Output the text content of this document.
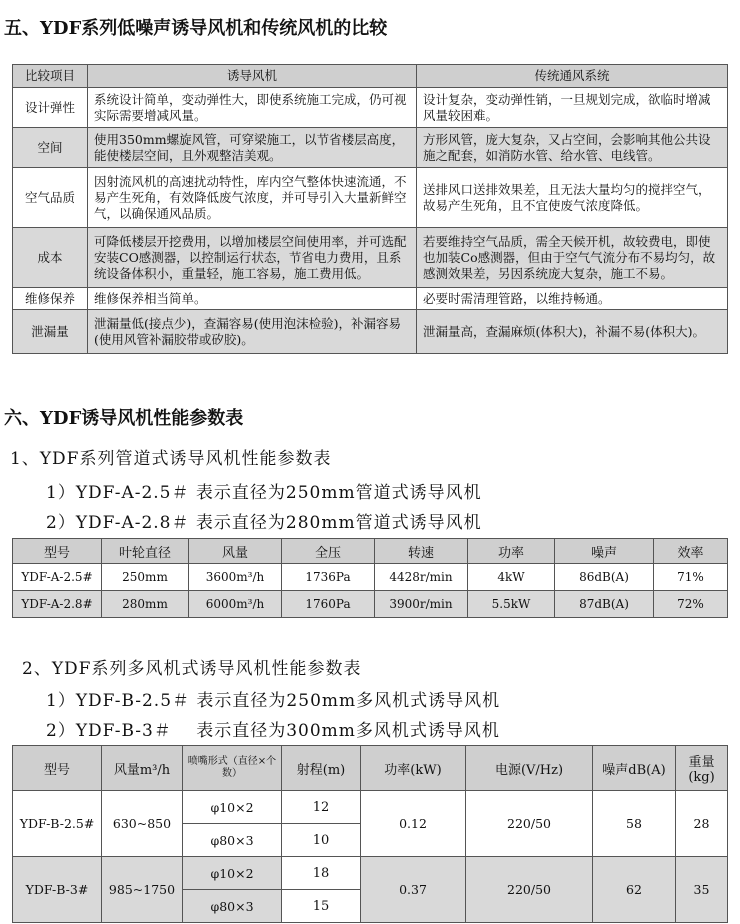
五、YDF系列低噪声诱导风机和传统风机的比较
比较项目	诱导风机	传统通风系统
设计弹性	系统设计简单，变动弹性大，即使系统施工完成，仍可视实际需要增减风量。	设计复杂，变动弹性销，一旦规划完成，欲临时增减风量较困难。
空间	使用350mm螺旋风管，可穿梁施工，以节省楼层高度，能使楼层空间，且外观整洁美观。	方形风管，庞大复杂，又占空间，会影响其他公共设施之配套，如消防水管、给水管、电线管。
空气品质	因射流风机的高速扰动特性，库内空气整体快速流通，不易产生死角，有效降低废气浓度，并可导引入大量新鲜空气，以确保通风品质。	送排风口送排效果差，且无法大量均匀的搅拌空气，故易产生死角，且不宜使废气浓度降低。
成本	可降低楼层开挖费用，以增加楼层空间使用率，并可选配安装CO感测器，以控制运行状态，节省电力费用，且系统设备体积小，重量轻，施工容易，施工费用低。	若要维持空气品质，需全天候开机，故较费电，即使也加装Co感测器，但由于空气气流分布不易均匀，故感测效果差，另因系统庞大复杂，施工不易。
维修保养	维修保养相当简单。	必要时需清理管路，以维持畅通。
泄漏量	泄漏量低(接点少)，查漏容易(使用泡沫检验)，补漏容易(使用风管补漏胶带或矽胶)。	泄漏量高，查漏麻烦(体积大)，补漏不易(体积大)。
六、YDF诱导风机性能参数表
1、YDF系列管道式诱导风机性能参数表
1）YDF-A-2.5＃ 表示直径为250mm管道式诱导风机
2）YDF-A-2.8＃ 表示直径为280mm管道式诱导风机
型号	叶轮直径	风量	全压	转速	功率	噪声	效率
YDF-A-2.5#	250mm	3600m³/h	1736Pa	4428r/min	4kW	86dB(A)	71%
YDF-A-2.8#	280mm	6000m³/h	1760Pa	3900r/min	5.5kW	87dB(A)	72%
2、YDF系列多风机式诱导风机性能参数表
1）YDF-B-2.5＃ 表示直径为250mm多风机式诱导风机
2）YDF-B-3＃　 表示直径为300mm多风机式诱导风机
型号	风量m³/h	喷嘴形式（直径×个数）	射程(m)	功率(kW)	电源(V/Hz)	噪声dB(A)	重量(kg)
YDF-B-2.5#	630~850	φ10×2	12	0.12	220/50	58	28
		φ80×3	10				
YDF-B-3#	985~1750	φ10×2	18	0.37	220/50	62	35
		φ80×3	15				
